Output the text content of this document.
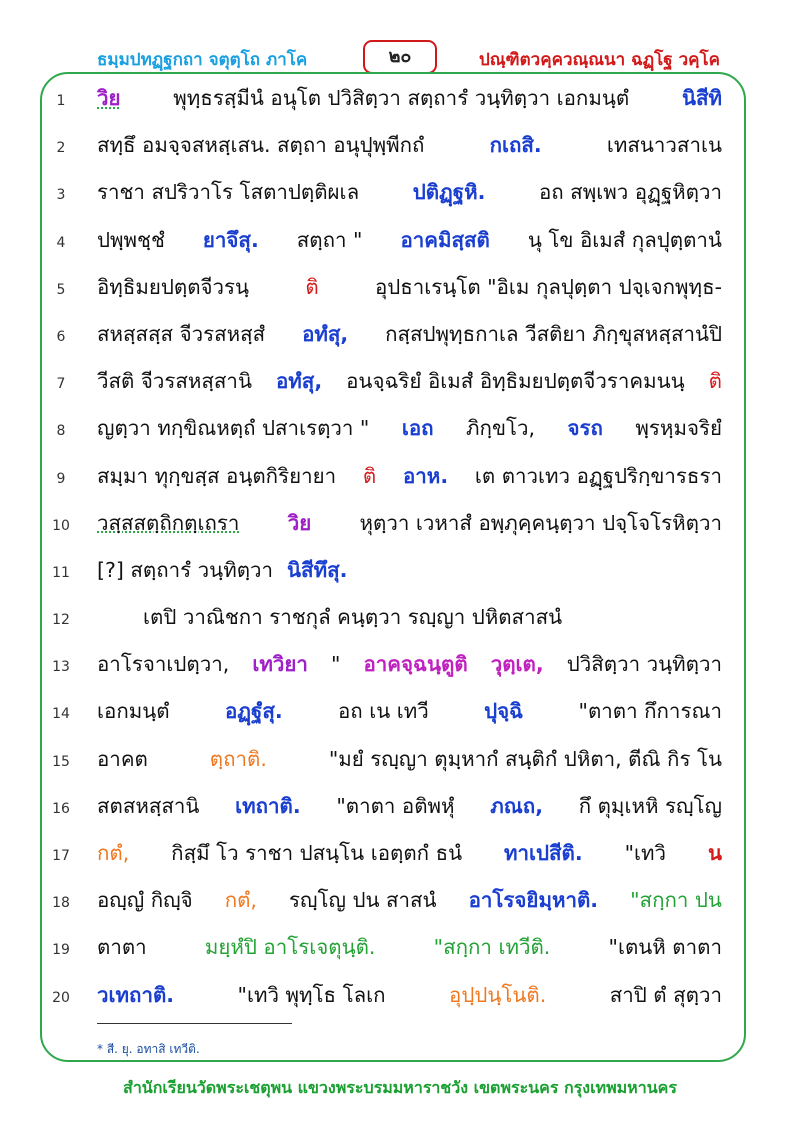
ธมฺมปทฏฺฐกถา จตุตฺโถ ภาโค	๒๐	ปณฺฑิตวคฺควณฺณนา ฉฏฺโฐ วคฺโค
1	วิย	พุทฺธรสฺมีนํ อนุโต ปวิสิตฺวา สตฺถารํ วนฺทิตฺวา เอกมนฺตํ	นิสีทิ
2	สทฺธึ อมจฺจสหสฺเสน. สตฺถา อนุปุพฺพีกถํ	กเถสิ.	เทสนาวสาเน
3	ราชา สปริวาโร โสตาปตฺติผเล	ปติฏฺฐหิ.	อถ สพฺเพว อุฏฺฐหิตฺวา
4	ปพฺพชฺชํ ยาจึสุ. สตฺถา " อาคมิสฺสติ นุ โข อิเมสํ กุลปุตฺตานํ
5	อิทฺธิมยปตฺตจีวรนฺ	ติ	อุปธาเรนฺโต "อิเม กุลปุตฺตา ปจฺเจกพุทฺธ-
6	สหสฺสสฺส จีวรสหสฺสํ อทํสุ, กสฺสปพุทฺธกาเล วีสติยา ภิกฺขุสหสฺสานํปิ
7	วีสติ จีวรสหสฺสานิ อทํสุ, อนจฺฉริยํ อิเมสํ อิทฺธิมยปตฺตจีวราคมนนฺ ติ
8	ญตฺวา ทกฺขิณหตฺถํ ปสาเรตฺวา " เอถ ภิกฺขโว, จรถ พฺรหฺมจริยํ
9	สมฺมา ทุกฺขสฺส อนฺตกิริยายา ติ อาห. เต ตาวเทว อฏฺฐปริกฺขารธรา
10 วสฺสสตฺถิกตฺเถรา วิย หุตฺวา เวหาสํ อพฺภุคฺคนฺตฺวา ปจฺโจโรหิตฺวา
11 [?] สตฺถารํ วนฺทิตฺวา นิสีทึสุ.
12	เตปิ วาณิชกา ราชกุลํ คนฺตฺวา รญฺญา ปหิตสาสนํ
13 อาโรจาเปตฺวา, เทวิยา " อาคจฺฉนฺตูติ วุตฺเต, ปวิสิตฺวา วนฺทิตฺวา
14 เอกมนฺตํ	อฏฺฐํสุ.	อถ เน เทวี	ปุจฺฉิ	"ตาตา กึการณา
15 อาคต	ตฺถาติ.	"มยํ รญฺญา ตุมฺหากํ สนฺติกํ ปหิตา, ตีณิ กิร โน
16 สตสหสฺสานิ เทถาติ. "ตาตา อติพหุํ ภณถ, กึ ตุมฺเหหิ รญฺโญ
17 กตํ, กิสฺมึ โว ราชา ปสนฺโน เอตฺตกํ ธนํ ทาเปสีติ. "เทวิ น
18 อญฺญํ กิญฺจิ กตํ, รญฺโญ ปน สาสนํ อาโรจยิมฺหาติ. "สกฺกา ปน
19 ตาตา	มยฺหํปิ อาโรเจตุนฺติ.	"สกฺกา เทวีติ.	"เตนหิ ตาตา
20 วเทถาติ.	"เทวิ พุทฺโธ โลเก	อุปฺปนฺโนติ.	สาปิ ตํ สุตฺวา
* สี. ยุ. อทาสิ เทวีติ.
สำนักเรียนวัดพระเชตุพน แขวงพระบรมมหาราชวัง เขตพระนคร กรุงเทพมหานคร
